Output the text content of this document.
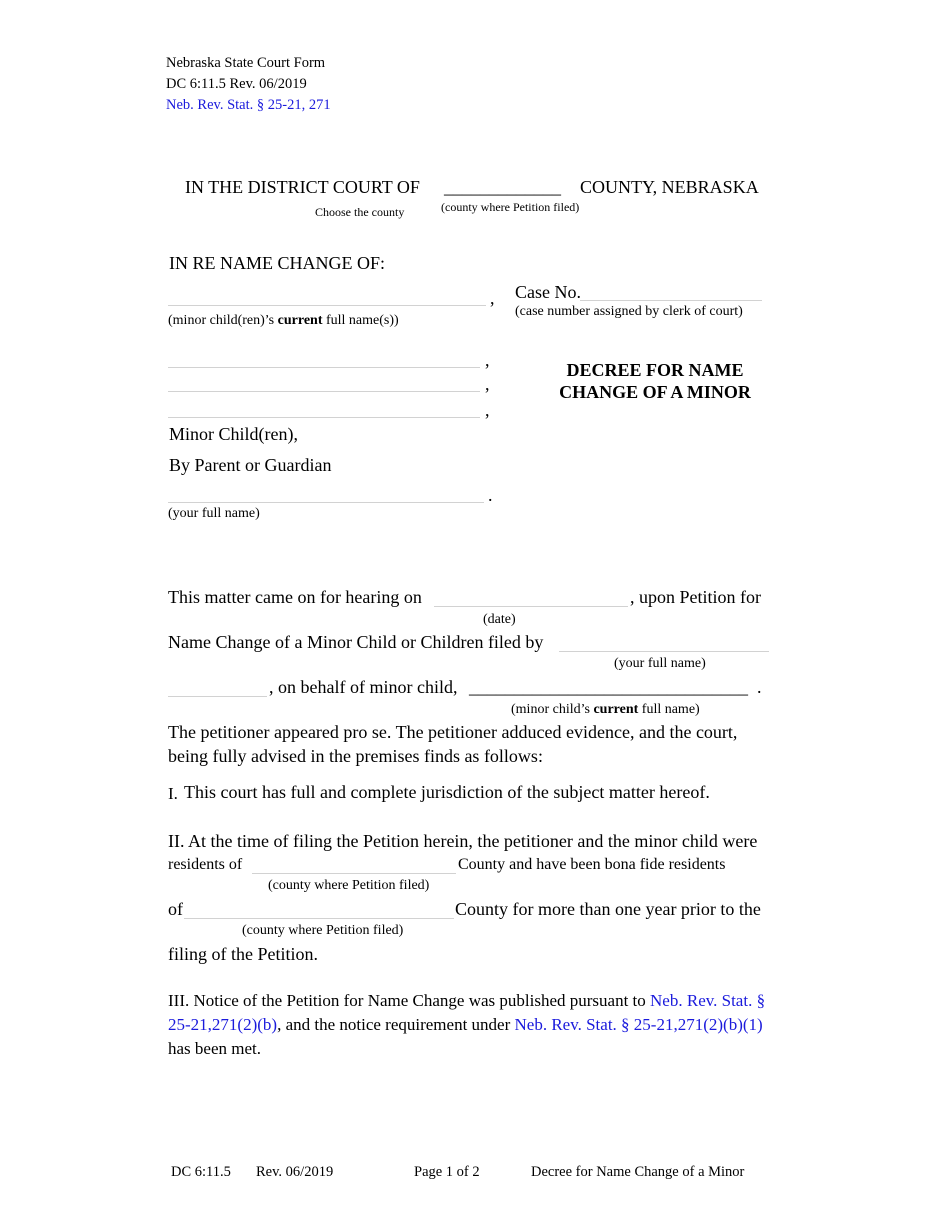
Nebraska State Court Form
DC 6:11.5 Rev. 06/2019
Neb. Rev. Stat. § 25-21, 271
IN THE DISTRICT COURT OF _____________ COUNTY, NEBRASKA
Choose the county	(county where Petition filed)
IN RE NAME CHANGE OF:
,
(minor child(ren)’s current full name(s))
,
,
,
Minor Child(ren),
By Parent or Guardian
.
(your full name)
Case No.
(case number assigned by clerk of court)
DECREE FOR NAME
CHANGE OF A MINOR
This matter came on for hearing on	, upon Petition for
(date)
Name Change of a Minor Child or Children filed by
(your full name)
, on behalf of minor child, _______________________________ .
(minor child’s current full name)
The petitioner appeared pro se. The petitioner adduced evidence, and the court,
being fully advised in the premises finds as follows:
I. This court has full and complete jurisdiction of the subject matter hereof.
II. At the time of filing the Petition herein, the petitioner and the minor child were
residents of	County and have been bona fide residents
(county where Petition filed)
of	County for more than one year prior to the
(county where Petition filed)
filing of the Petition.
III. Notice of the Petition for Name Change was published pursuant to Neb. Rev. Stat. § 25-21,271(2)(b), and the notice requirement under Neb. Rev. Stat. § 25-21,271(2)(b)(1) has been met.
DC 6:11.5 Rev. 06/2019	Page 1 of 2	Decree for Name Change of a Minor
